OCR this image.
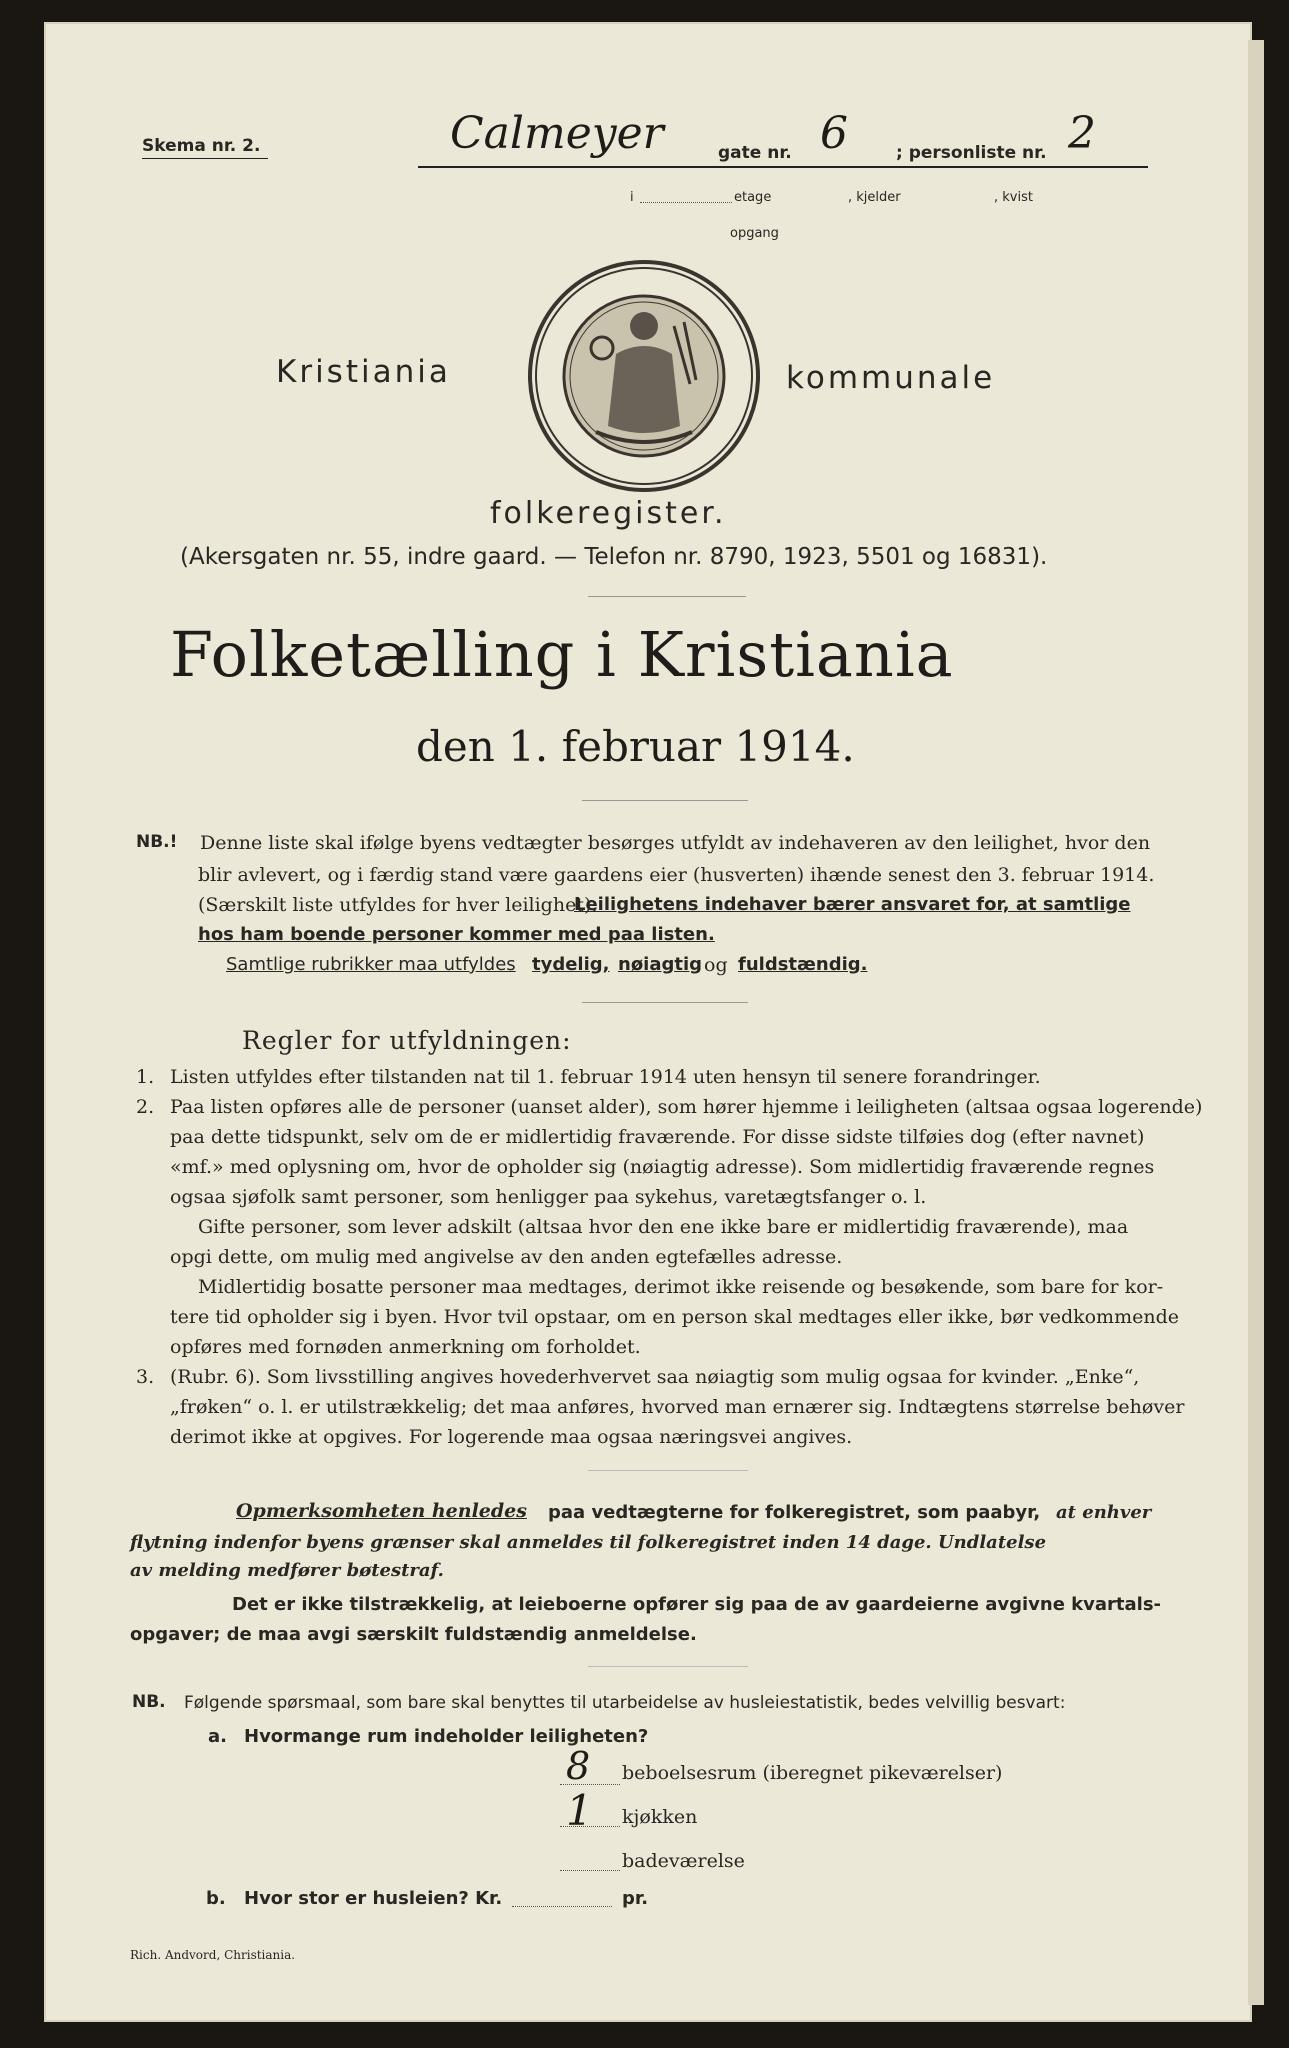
Skema nr. 2.	Calmeyer	gate nr. 6	; personliste nr. 2
i	etage	, kjelder	, kvist
opgang
Kristiania	kommunale
folkeregister.
(Akersgaten nr. 55, indre gaard. — Telefon nr. 8790, 1923, 5501 og 16831).
Folketælling i Kristiania
den 1. februar 1914.
NB.! Denne liste skal ifølge byens vedtægter besørges utfyldt av indehaveren av den leilighet, hvor den
blir avlevert, og i færdig stand være gaardens eier (husverten) ihænde senest den 3. februar 1914.
(Særskilt liste utfyldes for hver leilighet).
Leilighetens indehaver bærer ansvaret for, at samtlige
hos ham boende personer kommer med paa listen.
Samtlige rubrikker maa utfyldes tydelig, nøiagtig og fuldstændig.
Regler for utfyldningen:
1. Listen utfyldes efter tilstanden nat til 1. februar 1914 uten hensyn til senere forandringer.
2. Paa listen opføres alle de personer (uanset alder), som hører hjemme i leiligheten (altsaa ogsaa logerende)
paa dette tidspunkt, selv om de er midlertidig fraværende. For disse sidste tilføies dog (efter navnet)
«mf.» med oplysning om, hvor de opholder sig (nøiagtig adresse). Som midlertidig fraværende regnes
ogsaa sjøfolk samt personer, som henligger paa sykehus, varetægtsfanger o. l.
Gifte personer, som lever adskilt (altsaa hvor den ene ikke bare er midlertidig fraværende), maa
opgi dette, om mulig med angivelse av den anden egtefælles adresse.
Midlertidig bosatte personer maa medtages, derimot ikke reisende og besøkende, som bare for kor-
tere tid opholder sig i byen. Hvor tvil opstaar, om en person skal medtages eller ikke, bør vedkommende
opføres med fornøden anmerkning om forholdet.
3. (Rubr. 6). Som livsstilling angives hovederhvervet saa nøiagtig som mulig ogsaa for kvinder. „Enke“,
„frøken“ o. l. er utilstrækkelig; det maa anføres, hvorved man ernærer sig. Indtægtens størrelse behøver
derimot ikke at opgives. For logerende maa ogsaa næringsvei angives.
Opmerksomheten henledes paa vedtægterne for folkeregistret, som paabyr, at enhver
flytning indenfor byens grænser skal anmeldes til folkeregistret inden 14 dage. Undlatelse
av melding medfører bøtestraf.
Det er ikke tilstrækkelig, at leieboerne opfører sig paa de av gaardeierne avgivne kvartals-
opgaver; de maa avgi særskilt fuldstændig anmeldelse.
NB. Følgende spørsmaal, som bare skal benyttes til utarbeidelse av husleiestatistik, bedes velvillig besvart:
a. Hvormange rum indeholder leiligheten?
8 beboelsesrum (iberegnet pikeværelser)
1 kjøkken
badeværelse
b. Hvor stor er husleien? Kr.	pr.
Rich. Andvord, Christiania.
